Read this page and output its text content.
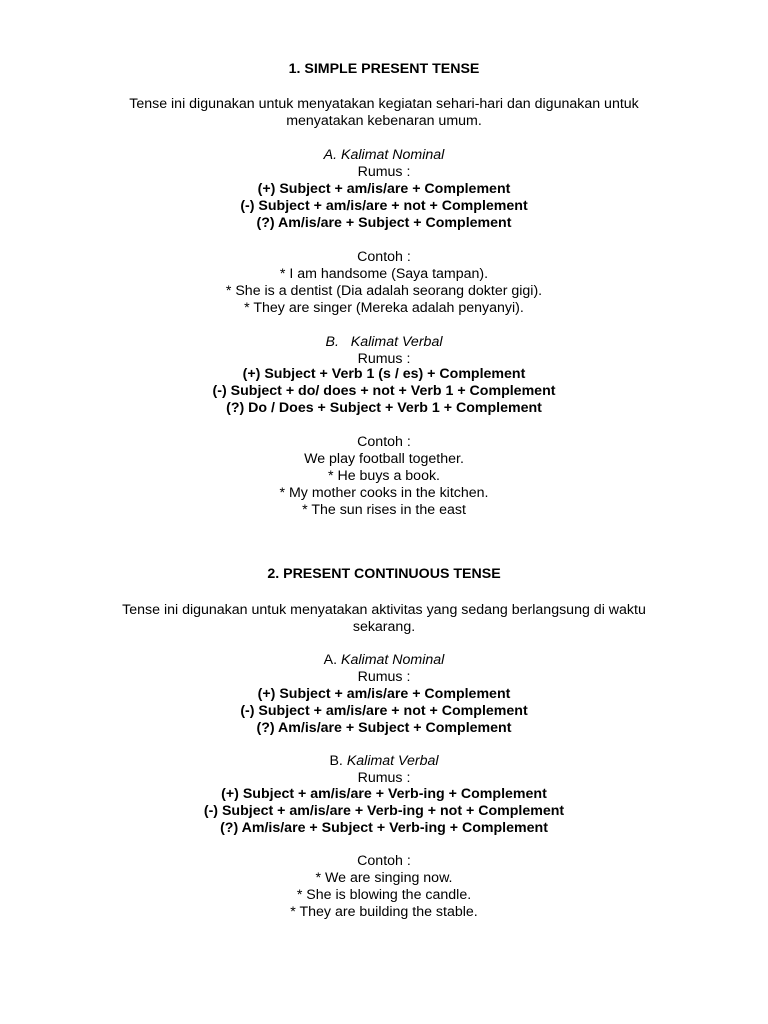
1. SIMPLE PRESENT TENSE
Tense ini digunakan untuk menyatakan kegiatan sehari-hari dan digunakan untuk
menyatakan kebenaran umum.
A. Kalimat Nominal
Rumus :
(+) Subject + am/is/are + Complement
(-) Subject + am/is/are + not + Complement
(?) Am/is/are + Subject + Complement
Contoh :
* I am handsome (Saya tampan).
* She is a dentist (Dia adalah seorang dokter gigi).
* They are singer (Mereka adalah penyanyi).
B.   Kalimat Verbal
Rumus :
(+) Subject + Verb 1 (s / es) + Complement
(-) Subject + do/ does + not + Verb 1 + Complement
(?) Do / Does + Subject + Verb 1 + Complement
Contoh :
We play football together.
* He buys a book.
* My mother cooks in the kitchen.
* The sun rises in the east
2. PRESENT CONTINUOUS TENSE
Tense ini digunakan untuk menyatakan aktivitas yang sedang berlangsung di waktu
sekarang.
A. Kalimat Nominal
Rumus :
(+) Subject + am/is/are + Complement
(-) Subject + am/is/are + not + Complement
(?) Am/is/are + Subject + Complement
B. Kalimat Verbal
Rumus :
(+) Subject + am/is/are + Verb-ing + Complement
(-) Subject + am/is/are + Verb-ing + not + Complement
(?) Am/is/are + Subject + Verb-ing + Complement
Contoh :
* We are singing now.
* She is blowing the candle.
* They are building the stable.
